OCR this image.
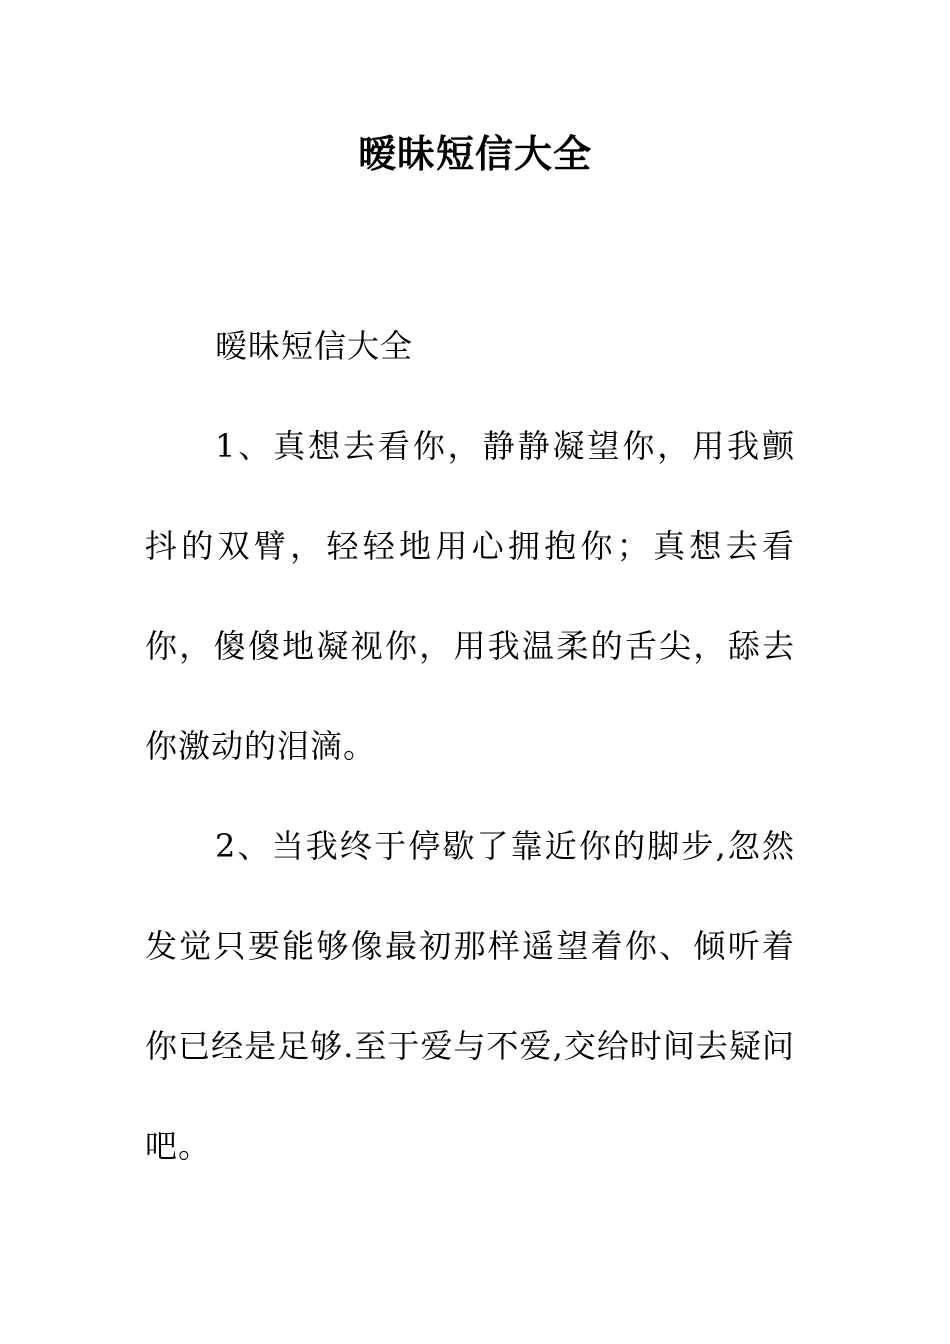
暧昧短信大全

暧昧短信大全

1、真想去看你，静静凝望你，用我颤抖的双臂，轻轻地用心拥抱你；真想去看你，傻傻地凝视你，用我温柔的舌尖，舔去你激动的泪滴。

2、当我终于停歇了靠近你的脚步,忽然发觉只要能够像最初那样遥望着你、倾听着你已经是足够.至于爱与不爱,交给时间去疑问吧。
